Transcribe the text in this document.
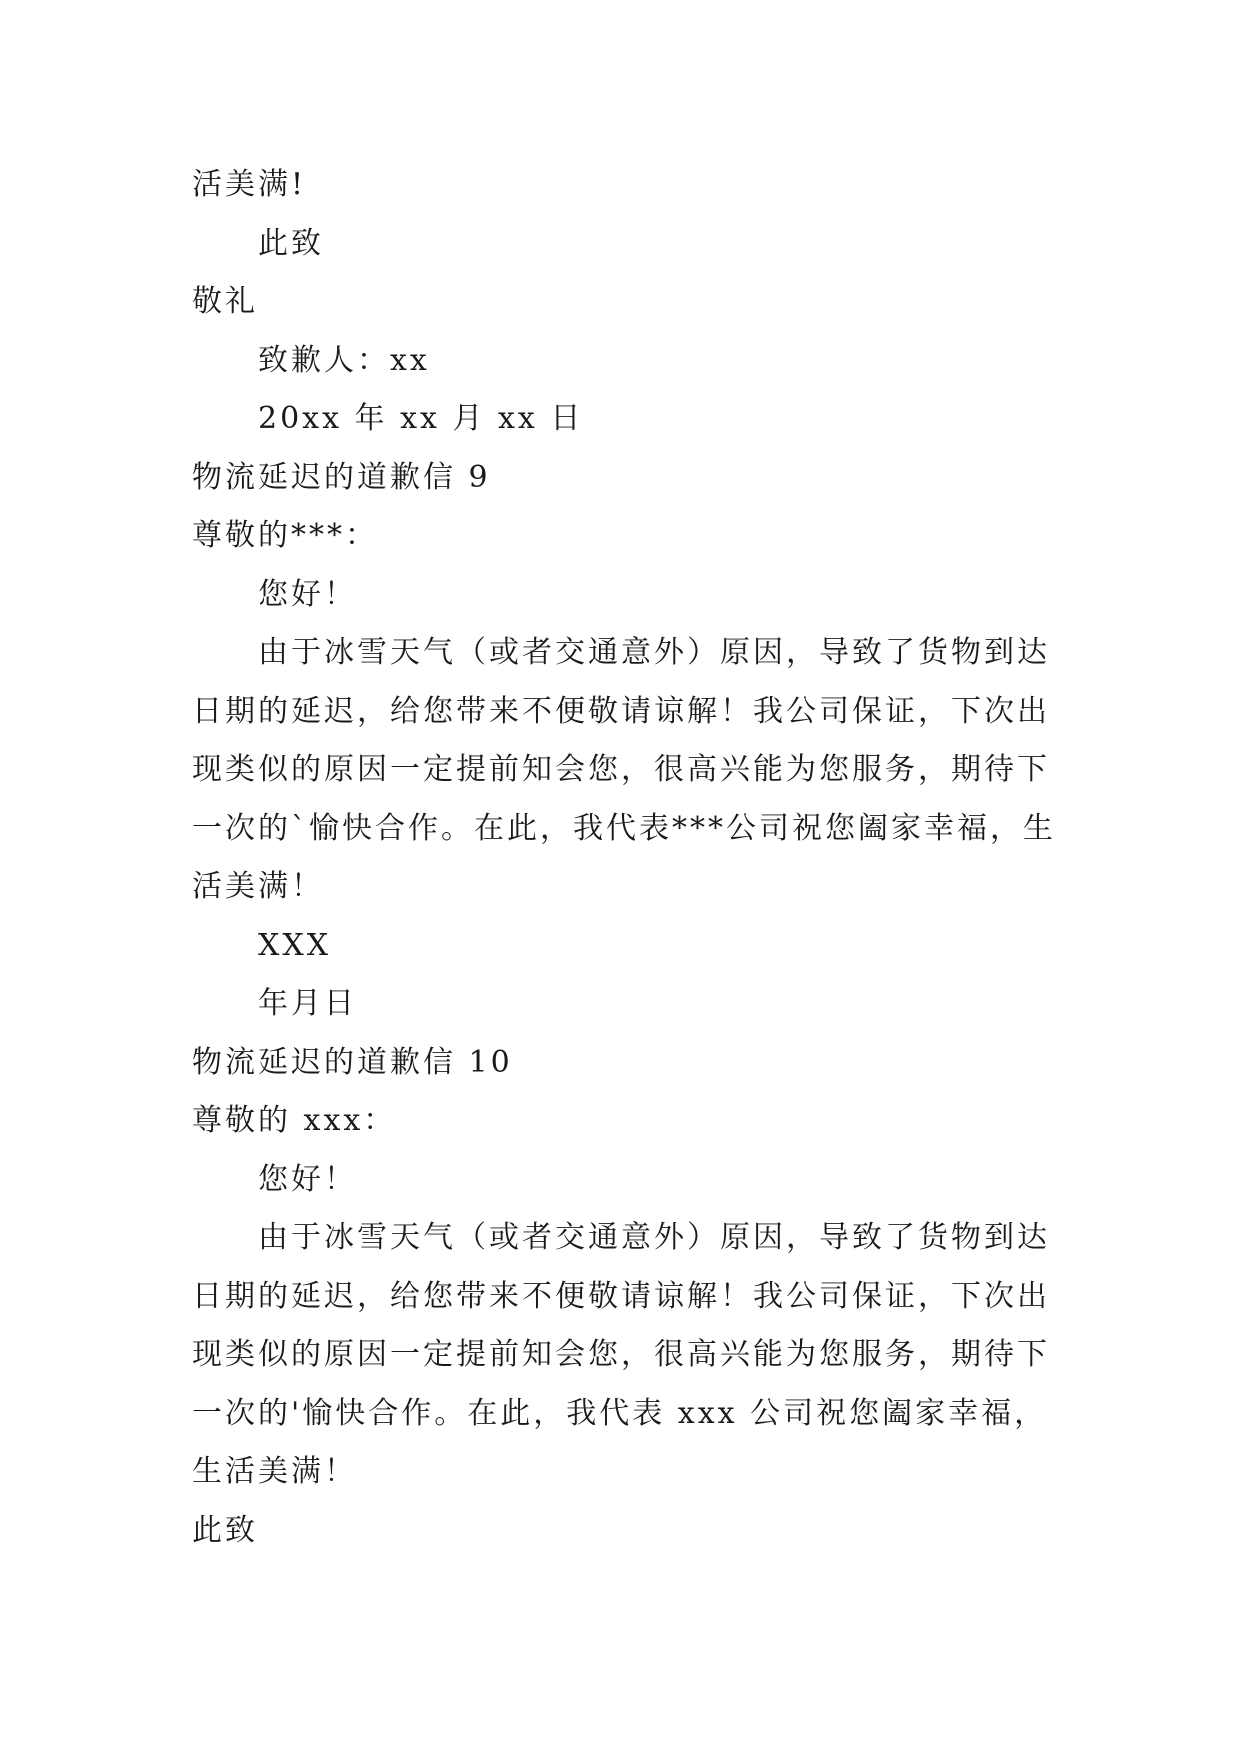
活美满!
此致
敬礼
致歉人：xx
20xx 年 xx 月 xx 日
物流延迟的道歉信 9
尊敬的***：
您好！
由于冰雪天气（或者交通意外）原因，导致了货物到达
日期的延迟，给您带来不便敬请谅解！我公司保证，下次出
现类似的原因一定提前知会您，很高兴能为您服务，期待下
一次的`愉快合作。在此，我代表***公司祝您阖家幸福，生
活美满！
XXX
年月日
物流延迟的道歉信 10
尊敬的 xxx：
您好！
由于冰雪天气（或者交通意外）原因，导致了货物到达
日期的延迟，给您带来不便敬请谅解！我公司保证，下次出
现类似的原因一定提前知会您，很高兴能为您服务，期待下
一次的'愉快合作。在此，我代表 xxx 公司祝您阖家幸福，
生活美满！
此致
